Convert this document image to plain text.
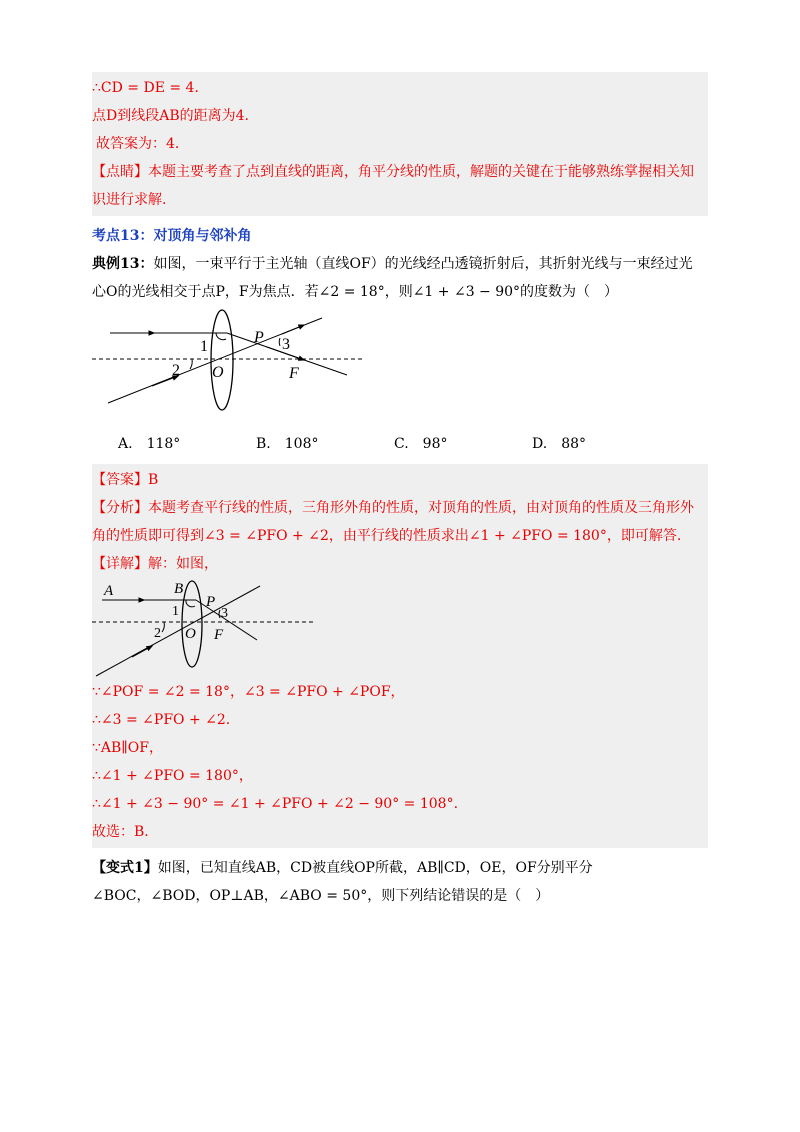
∴CD = DE = 4．
点D到线段AB的距离为4.
故答案为：4．
【点睛】本题主要考查了点到直线的距离，角平分线的性质，解题的关键在于能够熟练掌握相关知
识进行求解.
考点13：对顶角与邻补角
典例13：如图，一束平行于主光轴（直线OF）的光线经凸透镜折射后，其折射光线与一束经过光
心O的光线相交于点P，F为焦点．若∠2 = 18°，则∠1 + ∠3 − 90°的度数为（　）
1
2
3
P
O	F
A.  118°	B.  108°	C.  98°	D.  88°
【答案】B
【分析】本题考查平行线的性质，三角形外角的性质，对顶角的性质，由对顶角的性质及三角形外
角的性质即可得到∠3 = ∠PFO + ∠2，由平行线的性质求出∠1 + ∠PFO = 180°，即可解答.
【详解】解：如图，
A	B
1
2
3
P
O F
∵∠POF = ∠2 = 18°，∠3 = ∠PFO + ∠POF，
∴∠3 = ∠PFO + ∠2.
∵AB∥OF，
∴∠1 + ∠PFO = 180°，
∴∠1 + ∠3 − 90° = ∠1 + ∠PFO + ∠2 − 90° = 108°.
故选：B.
【变式1】如图，已知直线AB，CD被直线OP所截，AB∥CD，OE，OF分别平分
∠BOC，∠BOD，OP⊥AB，∠ABO = 50°，则下列结论错误的是（　）
